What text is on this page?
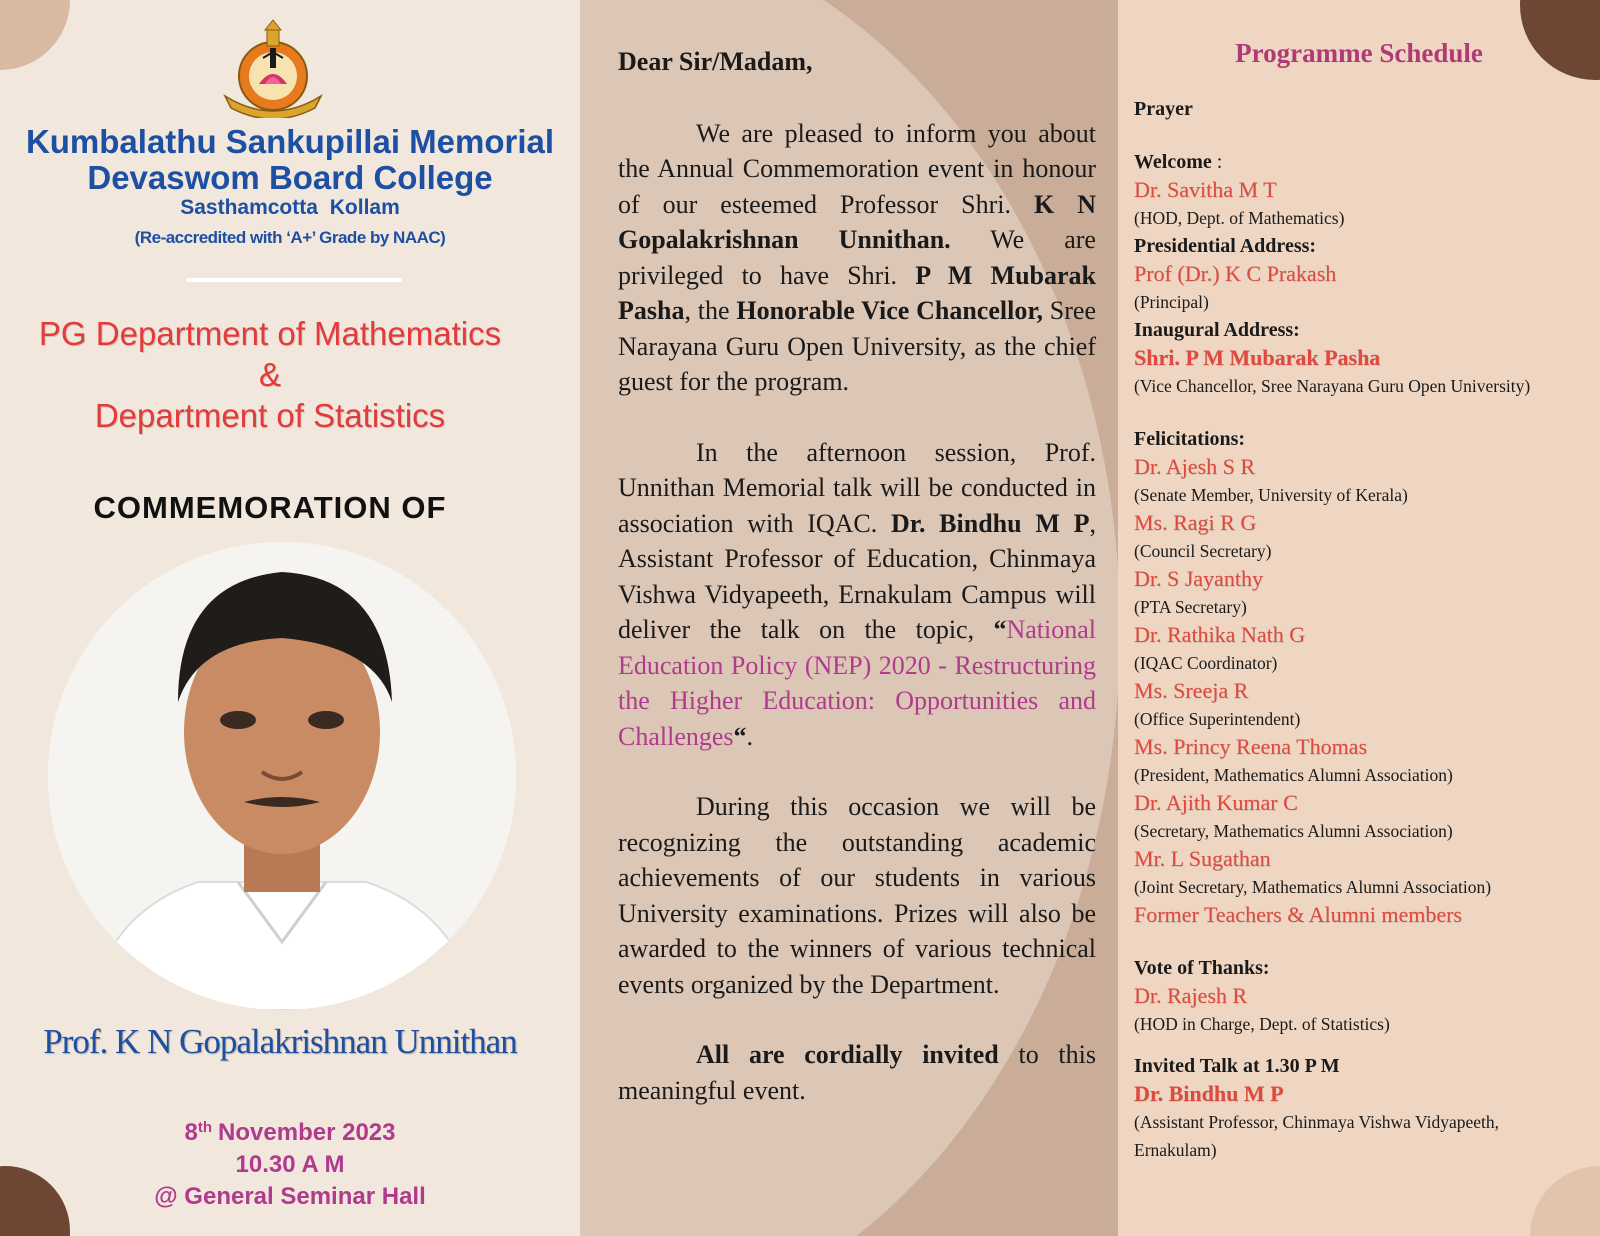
Kumbalathu Sankupillai Memorial
Devaswom Board College
Sasthamcotta Kollam
(Re-accredited with ‘A+’ Grade by NAAC)
PG Department of Mathematics
&
Department of Statistics
COMMEMORATION OF
Prof. K N Gopalakrishnan Unnithan
8th November 2023
10.30 A M
@ General Seminar Hall

Dear Sir/Madam,

We are pleased to inform you about the Annual Commemoration event in honour of our esteemed Professor Shri. K N Gopalakrishnan Unnithan. We are privileged to have Shri. P M Mubarak Pasha, the Honorable Vice Chancellor, Sree Narayana Guru Open University, as the chief guest for the program.

In the afternoon session, Prof. Unnithan Memorial talk will be conducted in association with IQAC. Dr. Bindhu M P, Assistant Professor of Education, Chinmaya Vishwa Vidyapeeth, Ernakulam Campus will deliver the talk on the topic, “National Education Policy (NEP) 2020 - Restructuring the Higher Education: Opportunities and Challenges“.

During this occasion we will be recognizing the outstanding academic achievements of our students in various University examinations. Prizes will also be awarded to the winners of various technical events organized by the Department.

All are cordially invited to this meaningful event.

Programme Schedule
Prayer
Welcome :
Dr. Savitha M T
(HOD, Dept. of Mathematics)
Presidential Address:
Prof (Dr.) K C Prakash
(Principal)
Inaugural Address:
Shri. P M Mubarak Pasha
(Vice Chancellor, Sree Narayana Guru Open University)
Felicitations:
Dr. Ajesh S R
(Senate Member, University of Kerala)
Ms. Ragi R G
(Council Secretary)
Dr. S Jayanthy
(PTA Secretary)
Dr. Rathika Nath G
(IQAC Coordinator)
Ms. Sreeja R
(Office Superintendent)
Ms. Princy Reena Thomas
(President, Mathematics Alumni Association)
Dr. Ajith Kumar C
(Secretary, Mathematics Alumni Association)
Mr. L Sugathan
(Joint Secretary, Mathematics Alumni Association)
Former Teachers & Alumni members
Vote of Thanks:
Dr. Rajesh R
(HOD in Charge, Dept. of Statistics)
Invited Talk at 1.30 P M
Dr. Bindhu M P
(Assistant Professor, Chinmaya Vishwa Vidyapeeth,
Ernakulam)
